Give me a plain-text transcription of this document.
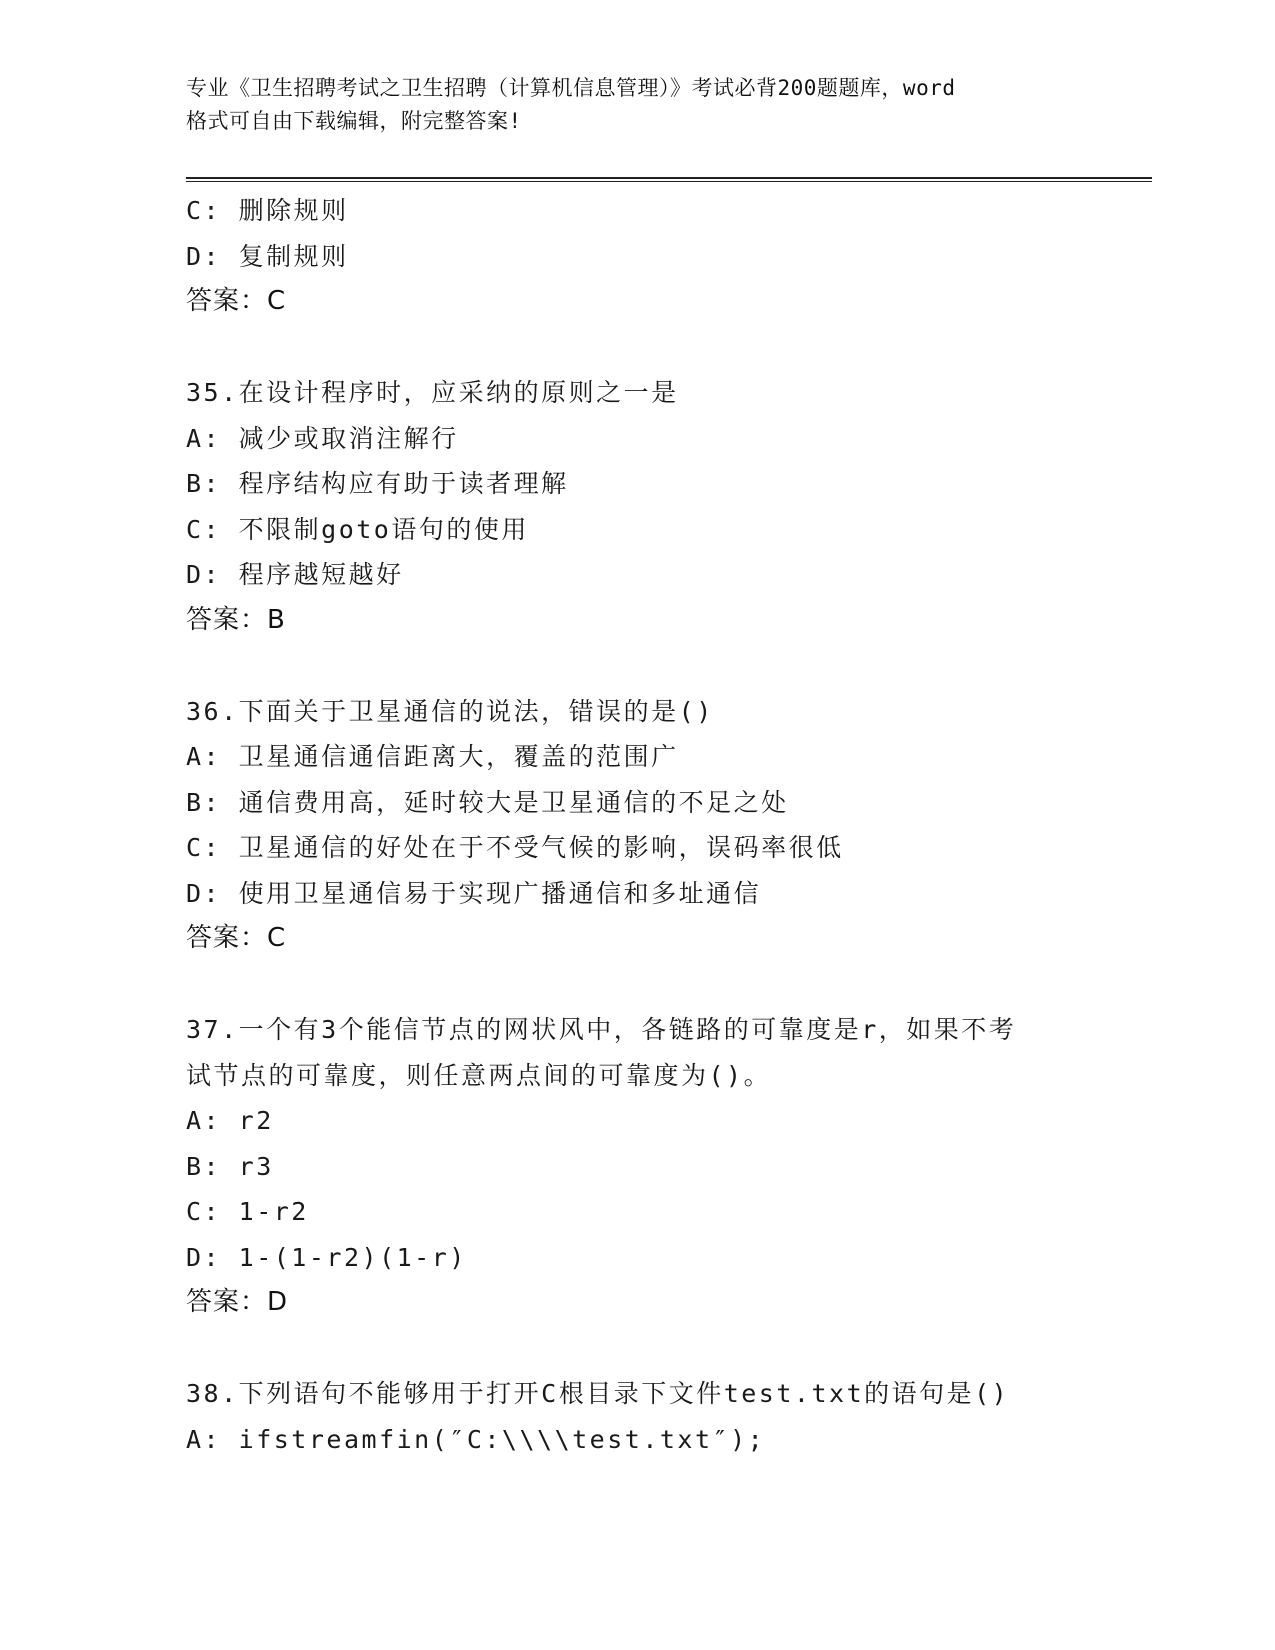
专业《卫生招聘考试之卫生招聘（计算机信息管理）》考试必背200题题库，word
格式可自由下载编辑，附完整答案!
C: 删除规则
D: 复制规则
答案：C
35.在设计程序时，应采纳的原则之一是
A: 减少或取消注解行
B: 程序结构应有助于读者理解
C: 不限制goto语句的使用
D: 程序越短越好
答案：B
36.下面关于卫星通信的说法，错误的是()
A: 卫星通信通信距离大，覆盖的范围广
B: 通信费用高，延时较大是卫星通信的不足之处
C: 卫星通信的好处在于不受气候的影响，误码率很低
D: 使用卫星通信易于实现广播通信和多址通信
答案：C
37.一个有3个能信节点的网状风中，各链路的可靠度是r，如果不考
试节点的可靠度，则任意两点间的可靠度为()。
A: r2
B: r3
C: 1-r2
D: 1-(1-r2)(1-r)
答案：D
38.下列语句不能够用于打开C根目录下文件test.txt的语句是()
A: ifstreamfin(″C:\\\\test.txt″);
